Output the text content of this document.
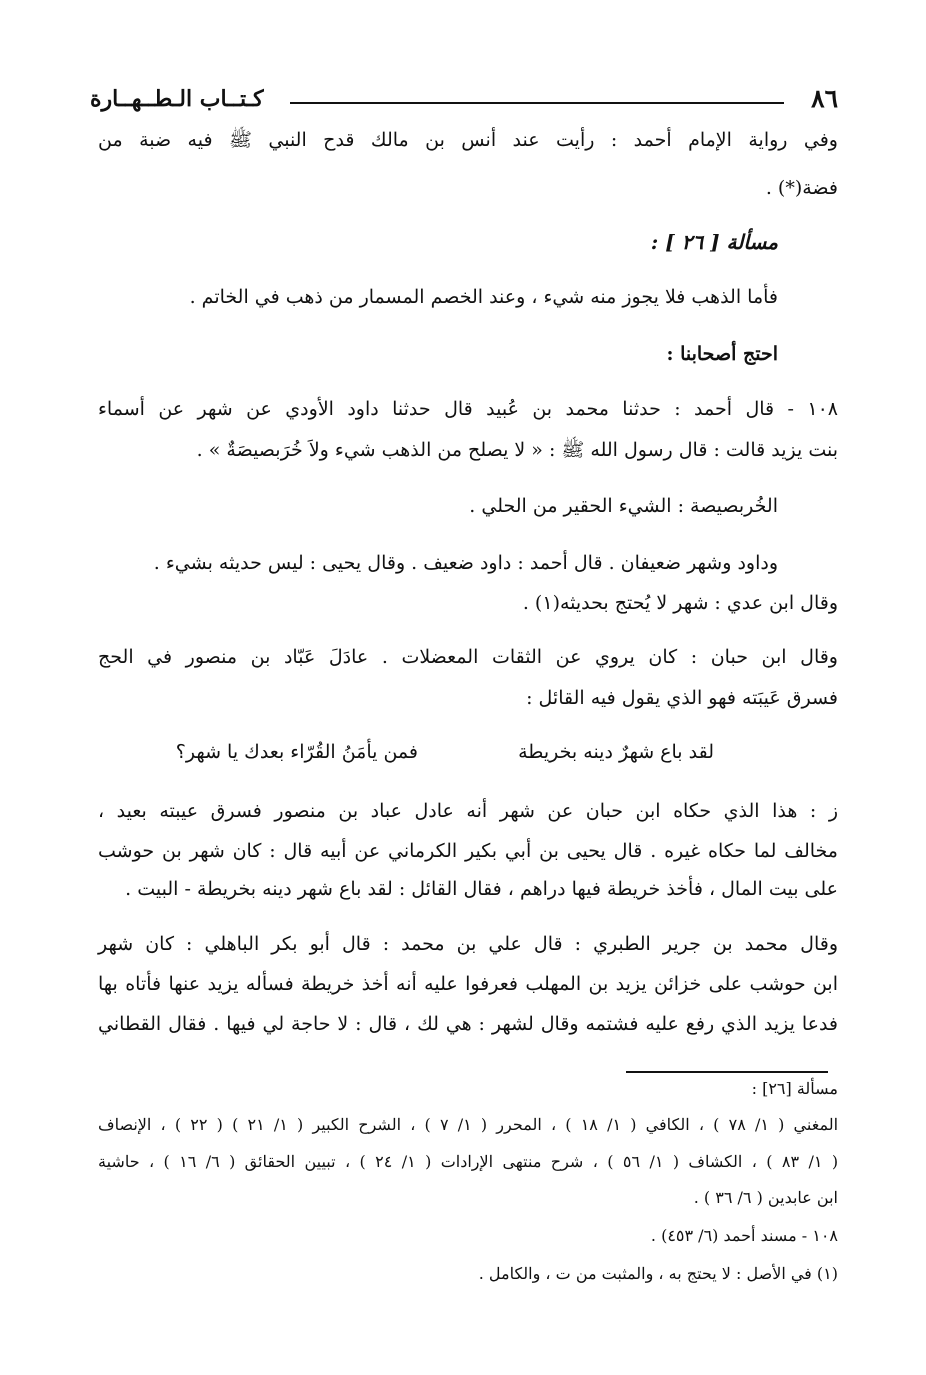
٨٦
كـتــاب الـطــهــارة
وفي رواية الإمام أحمد : رأيت عند أنس بن مالك قدح النبي ﷺ فيه ضبة من
فضة(*) .
مسألة [ ٢٦ ] :
فأما الذهب فلا يجوز منه شيء ، وعند الخصم المسمار من ذهب في الخاتم .
احتج أصحابنا :
١٠٨ - قال أحمد : حدثنا محمد بن عُبيد قال حدثنا داود الأودي عن شهر عن أسماء
بنت يزيد قالت : قال رسول الله ﷺ : « لا يصلح من الذهب شيء ولاَ خُرَبصيصَةٌ » .
الخُربصيصة : الشيء الحقير من الحلي .
وداود وشهر ضعيفان . قال أحمد : داود ضعيف . وقال يحيى : ليس حديثه بشيء .
وقال ابن عدي : شهر لا يُحتج بحديثه(١) .
وقال ابن حبان : كان يروي عن الثقات المعضلات . عادَلَ عَبّاد بن منصور في الحج
فسرق عَيبَته فهو الذي يقول فيه القائل :
لقد باع شهرٌ دينه بخريطة
فمن يأمَنُ القُرّاء بعدك يا شهر؟
ز : هذا الذي حكاه ابن حبان عن شهر أنه عادل عباد بن منصور فسرق عيبته بعيد ،
مخالف لما حكاه غيره . قال يحيى بن أبي بكير الكرماني عن أبيه قال : كان شهر بن حوشب
على بيت المال ، فأخذ خريطة فيها دراهم ، فقال القائل : لقد باع شهر دينه بخريطة - البيت .
وقال محمد بن جرير الطبري : قال علي بن محمد : قال أبو بكر الباهلي : كان شهر
ابن حوشب على خزائن يزيد بن المهلب فعرفوا عليه أنه أخذ خريطة فسأله يزيد عنها فأتاه بها
فدعا يزيد الذي رفع عليه فشتمه وقال لشهر : هي لك ، قال : لا حاجة لي فيها . فقال القطاني
مسألة [٢٦] :
المغني ( ١/ ٧٨ ) ، الكافي ( ١/ ١٨ ) ، المحرر ( ١/ ٧ ) ، الشرح الكبير ( ١/ ٢١ ) ( ٢٢ ) ، الإنصاف
( ١/ ٨٣ ) ، الكشاف ( ١/ ٥٦ ) ، شرح منتهى الإرادات ( ١/ ٢٤ ) ، تبيين الحقائق ( ٦/ ١٦ ) ، حاشية
ابن عابدين ( ٦/ ٣٦ ) .
١٠٨ - مسند أحمد (٦/ ٤٥٣) .
(١) في الأصل : لا يحتج به ، والمثبت من ت ، والكامل .
